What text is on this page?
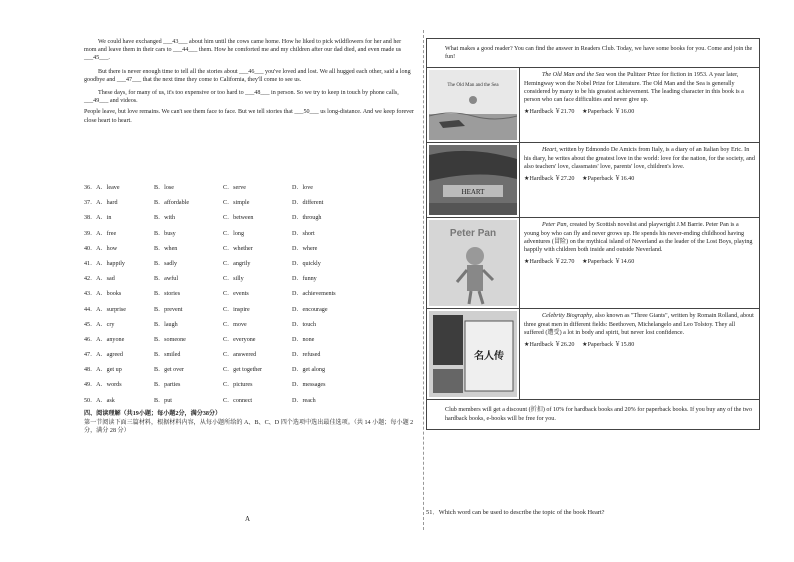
We could have exchanged ___43___ about him until the cows came home. How he liked to pick wildflowers for her and her mom and leave them in their cars to ___44___ them. How he comforted me and my children after our dad died, and even made us ___45___.

But there is never enough time to tell all the stories about ___46___ you've loved and lost. We all hugged each other, said a long goodbye and ___47___ that the next time they come to California, they'll come to see us.

These days, for many of us, it's too expensive or too hard to ___48___ in person. So we try to keep in touch by phone calls, ___49___ and videos.

People leave, but love remains. We can't see them face to face. But we tell stories that ___50___ us long-distance. And we keep forever close heart to heart.

36．A．leave	B．lose	C．serve	D．love
37．A．hard	B．affordable	C．simple	D．different
38．A．in	B．with	C．between	D．through
39．A．free	B．busy	C．long	D．short
40．A．how	B．when	C．whether	D．where
41．A．happily	B．sadly	C．angrily	D．quickly
42．A．sad	B．awful	C．silly	D．funny
43．A．books	B．stories	C．events	D．achievements
44．A．surprise	B．prevent	C．inspire	D．encourage
45．A．cry	B．laugh	C．move	D．touch
46．A．anyone	B．someone	C．everyone	D．none
47．A．agreed	B．smiled	C．answered	D．refused
48．A．get up	B．get over	C．get together	D．get along
49．A．words	B．parties	C．pictures	D．messages
50．A．ask	B．put	C．connect	D．reach
四、阅读理解（共19小题；每小题2分，满分38分）
第一节阅读下面三篇材料，根据材料内容，从每小题所给的 A、B、C、D 四个选项中选出最佳选项。（共 14 小题；每小题 2 分，满分 28 分）
A
What makes a good reader? You can find the answer in Readers Club. Today, we have some books for you. Come and join the fun!	

The Old Man and the Sea	The Old Man and the Sea won the Pulitzer Prize for fiction in 1953. A year later, Hemingway won the Nobel Prize for Literature. The Old Man and the Sea is generally considered by many to be his greatest achievement. The leading character in this book is a person who can face difficulties and never give up.
★Hardback ￥21.70 ★Paperback ￥16.00

HEART	Heart, written by Edmondo De Amicis from Italy, is a diary of an Italian boy Eric. In his diary, he writes about the greatest love in the world: love for the nation, for the society, and also teachers' love, classmates' love, parents' love, children's love.
★Hardback ￥27.20 ★Paperback ￥16.40

Peter Pan	Peter Pan, created by Scottish novelist and playwright J.M Barrie. Peter Pan is a young boy who can fly and never grows up. He spends his never-ending childhood having adventures (冒险) on the mythical island of Neverland as the leader of the Lost Boys, playing happily with children both inside and outside Neverland.
★Hardback ￥22.70 ★Paperback ￥14.60

名人传	Celebrity Biography, also known as "Three Giants", written by Romain Rolland, about three great men in different fields: Beethoven, Michelangelo and Leo Tolstoy. They all suffered (遭受) a lot in body and spirit, but never lost confidence.
★Hardback ￥26.20 ★Paperback ￥15.80

Club members will get a discount (折扣) of 10% for hardback books and 20% for paperback books. If you buy any of the two hardback books, e-books will be free for you.	
51．Which word can be used to describe the topic of the book Heart?
